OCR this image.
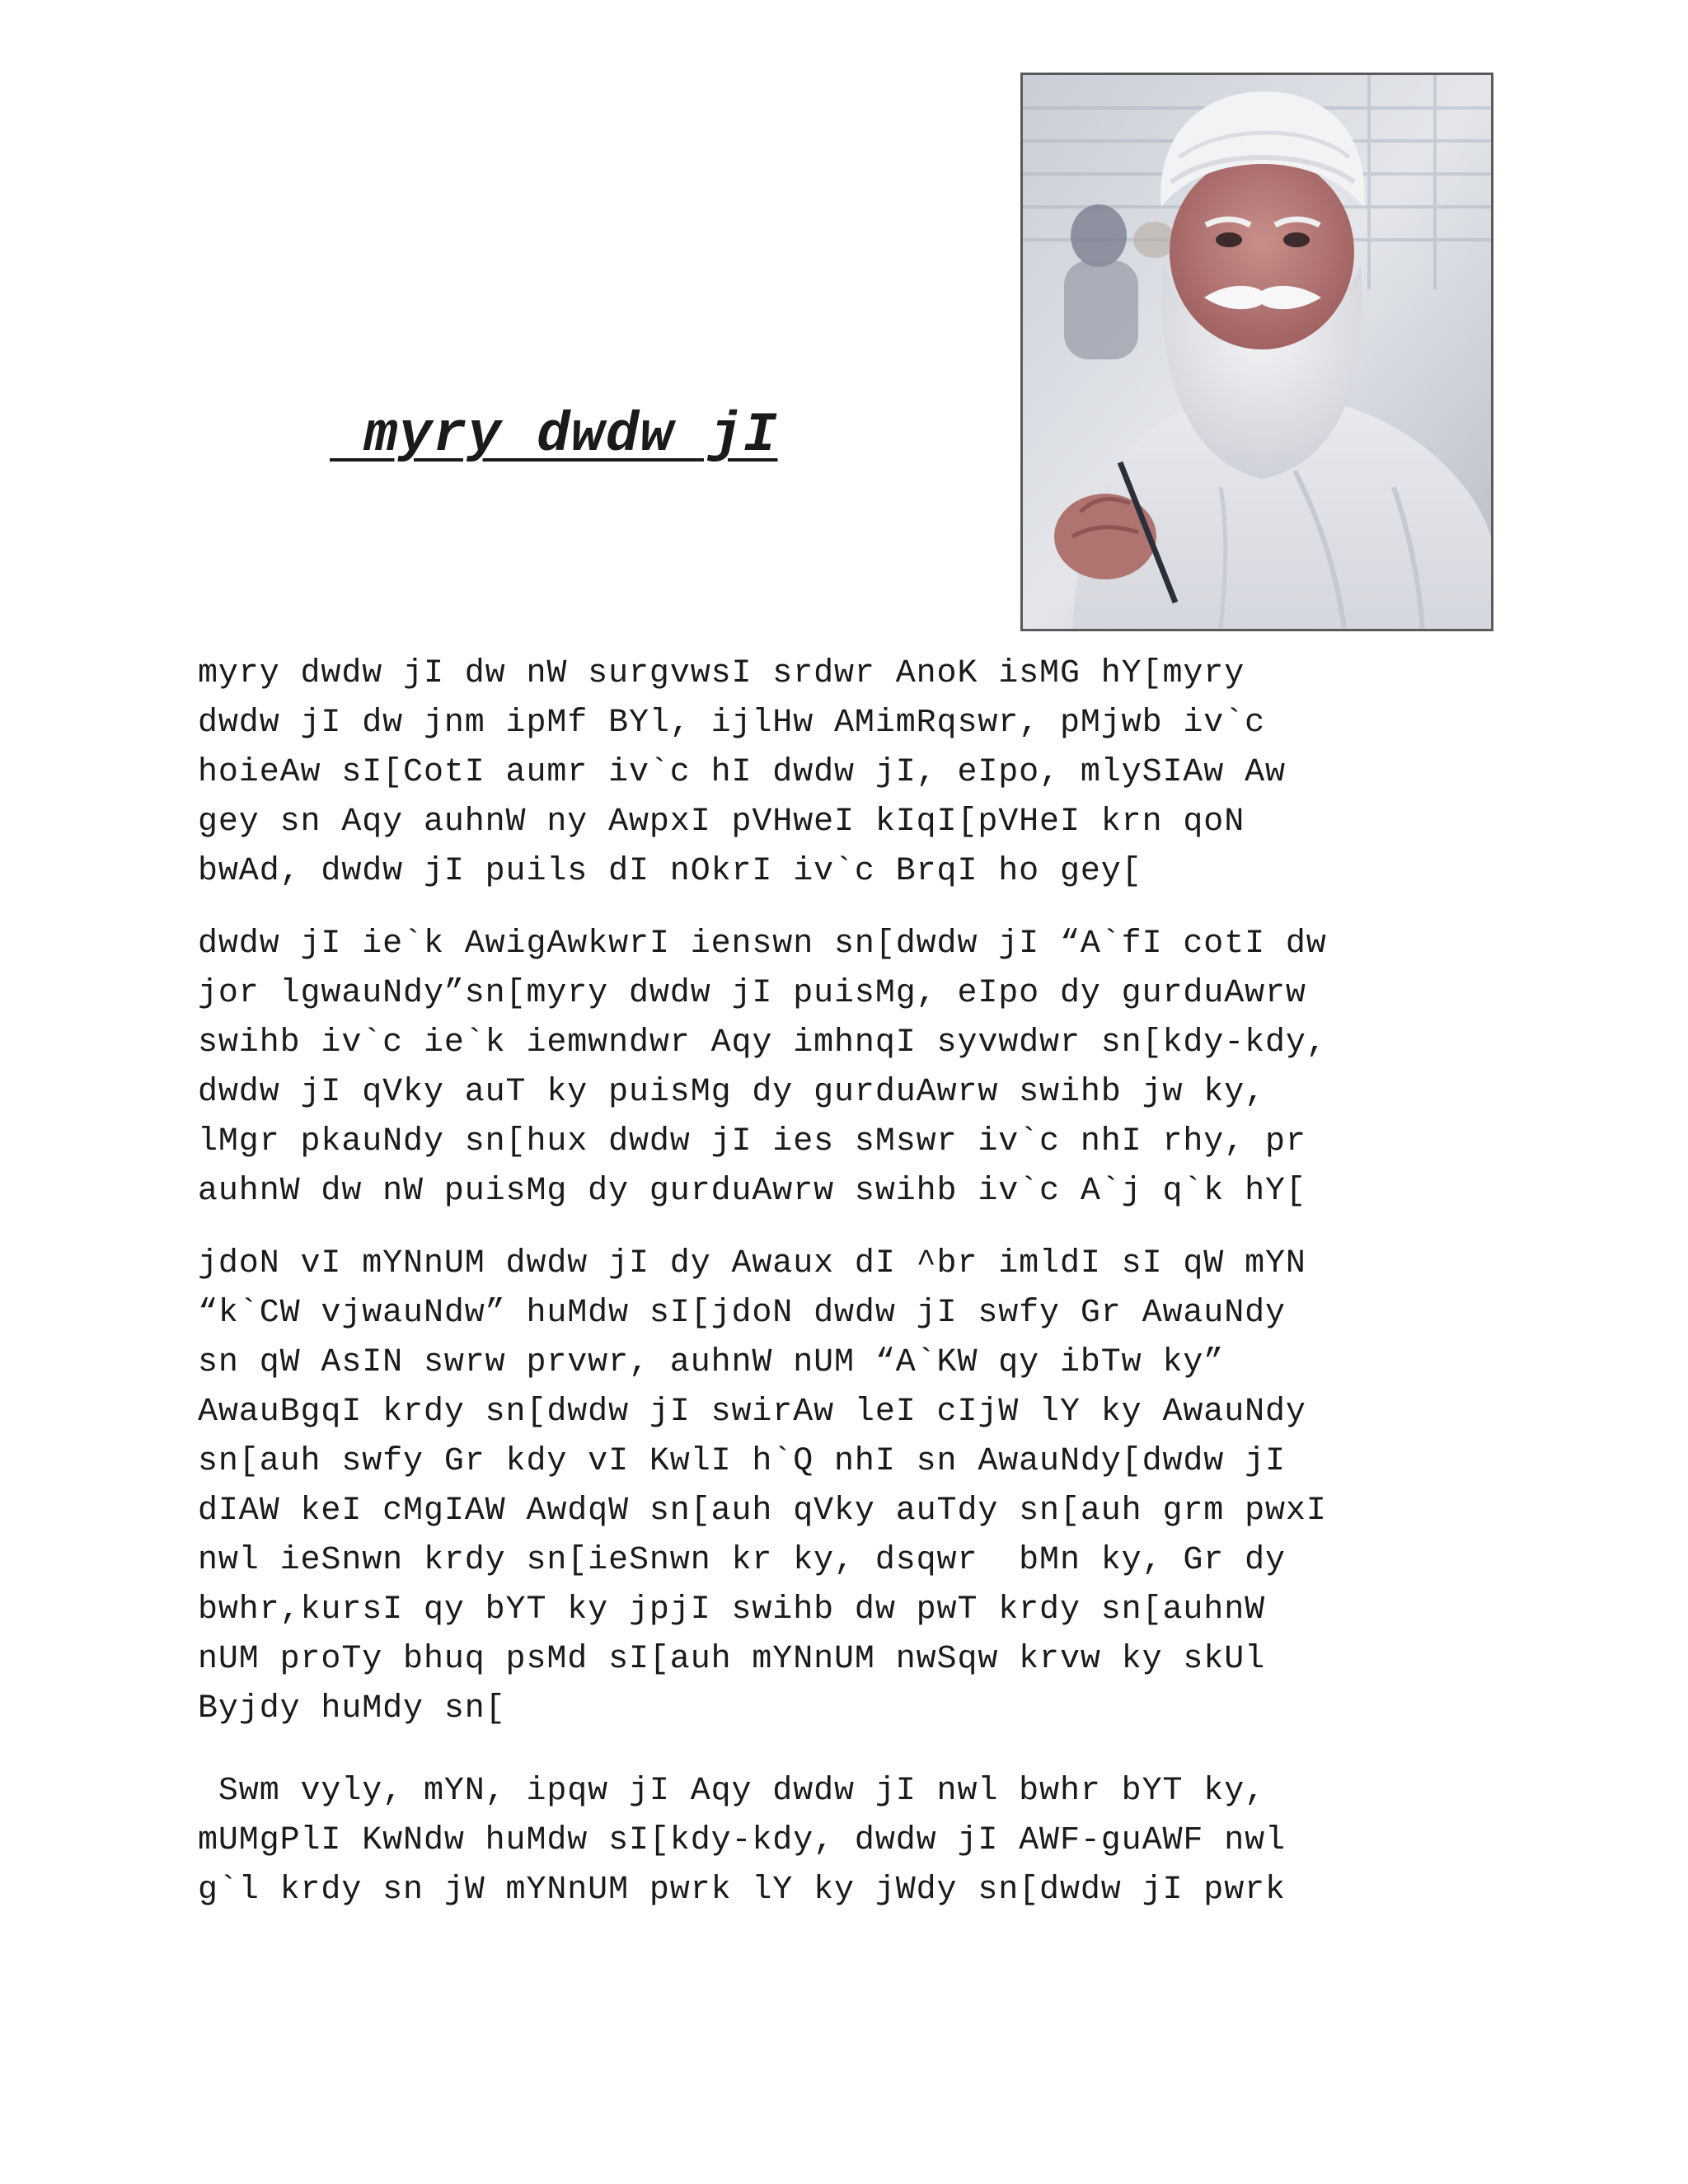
myry dwdw jI
myry dwdw jI dw nW surgvwsI srdwr AnoK isMG hY[myry
dwdw jI dw jnm ipMf BYl, ijlHw AMimRqswr, pMjwb iv`c
hoieAw sI[CotI aumr iv`c hI dwdw jI, eIpo, mlySIAw Aw
gey sn Aqy auhnW ny AwpxI pVHweI kIqI[pVHeI krn qoN
bwAd, dwdw jI puils dI nOkrI iv`c BrqI ho gey[
dwdw jI ie`k AwigAwkwrI ienswn sn[dwdw jI “A`fI cotI dw
jor lgwauNdy”sn[myry dwdw jI puisMg, eIpo dy gurduAwrw
swihb iv`c ie`k iemwndwr Aqy imhnqI syvwdwr sn[kdy-kdy,
dwdw jI qVky auT ky puisMg dy gurduAwrw swihb jw ky,
lMgr pkauNdy sn[hux dwdw jI ies sMswr iv`c nhI rhy, pr
auhnW dw nW puisMg dy gurduAwrw swihb iv`c A`j q`k hY[
jdoN vI mYNnUM dwdw jI dy Awaux dI ^br imldI sI qW mYN
“k`CW vjwauNdw” huMdw sI[jdoN dwdw jI swfy Gr AwauNdy
sn qW AsIN swrw prvwr, auhnW nUM “A`KW qy ibTw ky”
AwauBgqI krdy sn[dwdw jI swirAw leI cIjW lY ky AwauNdy
sn[auh swfy Gr kdy vI KwlI h`Q nhI sn AwauNdy[dwdw jI
dIAW keI cMgIAW AwdqW sn[auh qVky auTdy sn[auh grm pwxI
nwl ieSnwn krdy sn[ieSnwn kr ky, dsqwr  bMn ky, Gr dy
bwhr,kursI qy bYT ky jpjI swihb dw pwT krdy sn[auhnW
nUM proTy bhuq psMd sI[auh mYNnUM nwSqw krvw ky skUl
Byjdy huMdy sn[
Swm vyly, mYN, ipqw jI Aqy dwdw jI nwl bwhr bYT ky,
mUMgPlI KwNdw huMdw sI[kdy-kdy, dwdw jI AWF-guAWF nwl
g`l krdy sn jW mYNnUM pwrk lY ky jWdy sn[dwdw jI pwrk
